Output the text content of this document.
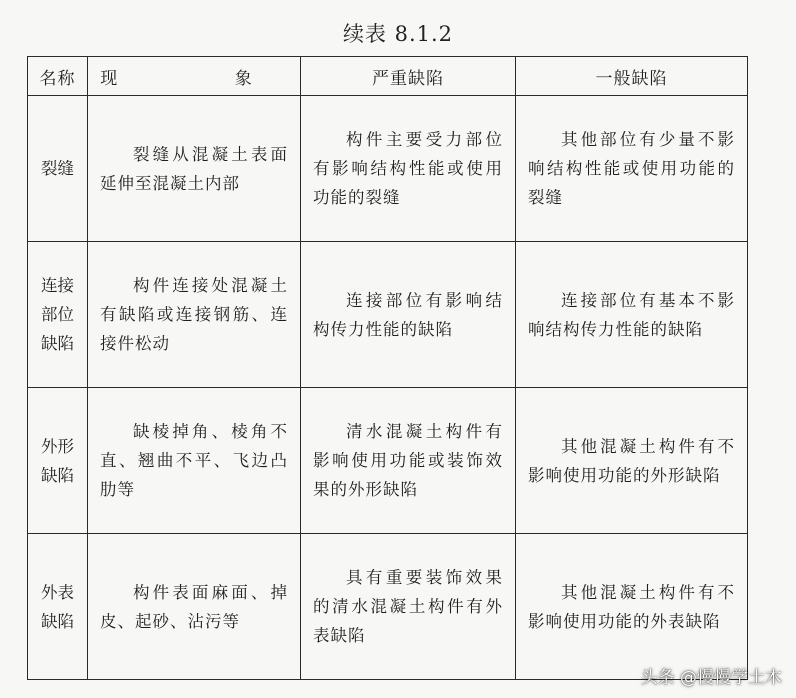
续表 8.1.2
名称	现 象	严重缺陷	一般缺陷

裂缝	裂缝从混凝土表面延伸至混凝土内部	构件主要受力部位有影响结构性能或使用功能的裂缝	其他部位有少量不影响结构性能或使用功能的裂缝

连接
部位
缺陷	构件连接处混凝土有缺陷或连接钢筋、连接件松动	连接部位有影响结构传力性能的缺陷	连接部位有基本不影响结构传力性能的缺陷

外形
缺陷	缺棱掉角、棱角不直、翘曲不平、飞边凸肋等	清水混凝土构件有影响使用功能或装饰效果的外形缺陷	其他混凝土构件有不影响使用功能的外形缺陷

外表
缺陷	构件表面麻面、掉皮、起砂、沾污等	具有重要装饰效果的清水混凝土构件有外表缺陷	其他混凝土构件有不影响使用功能的外表缺陷
头条 @慢慢学土木
